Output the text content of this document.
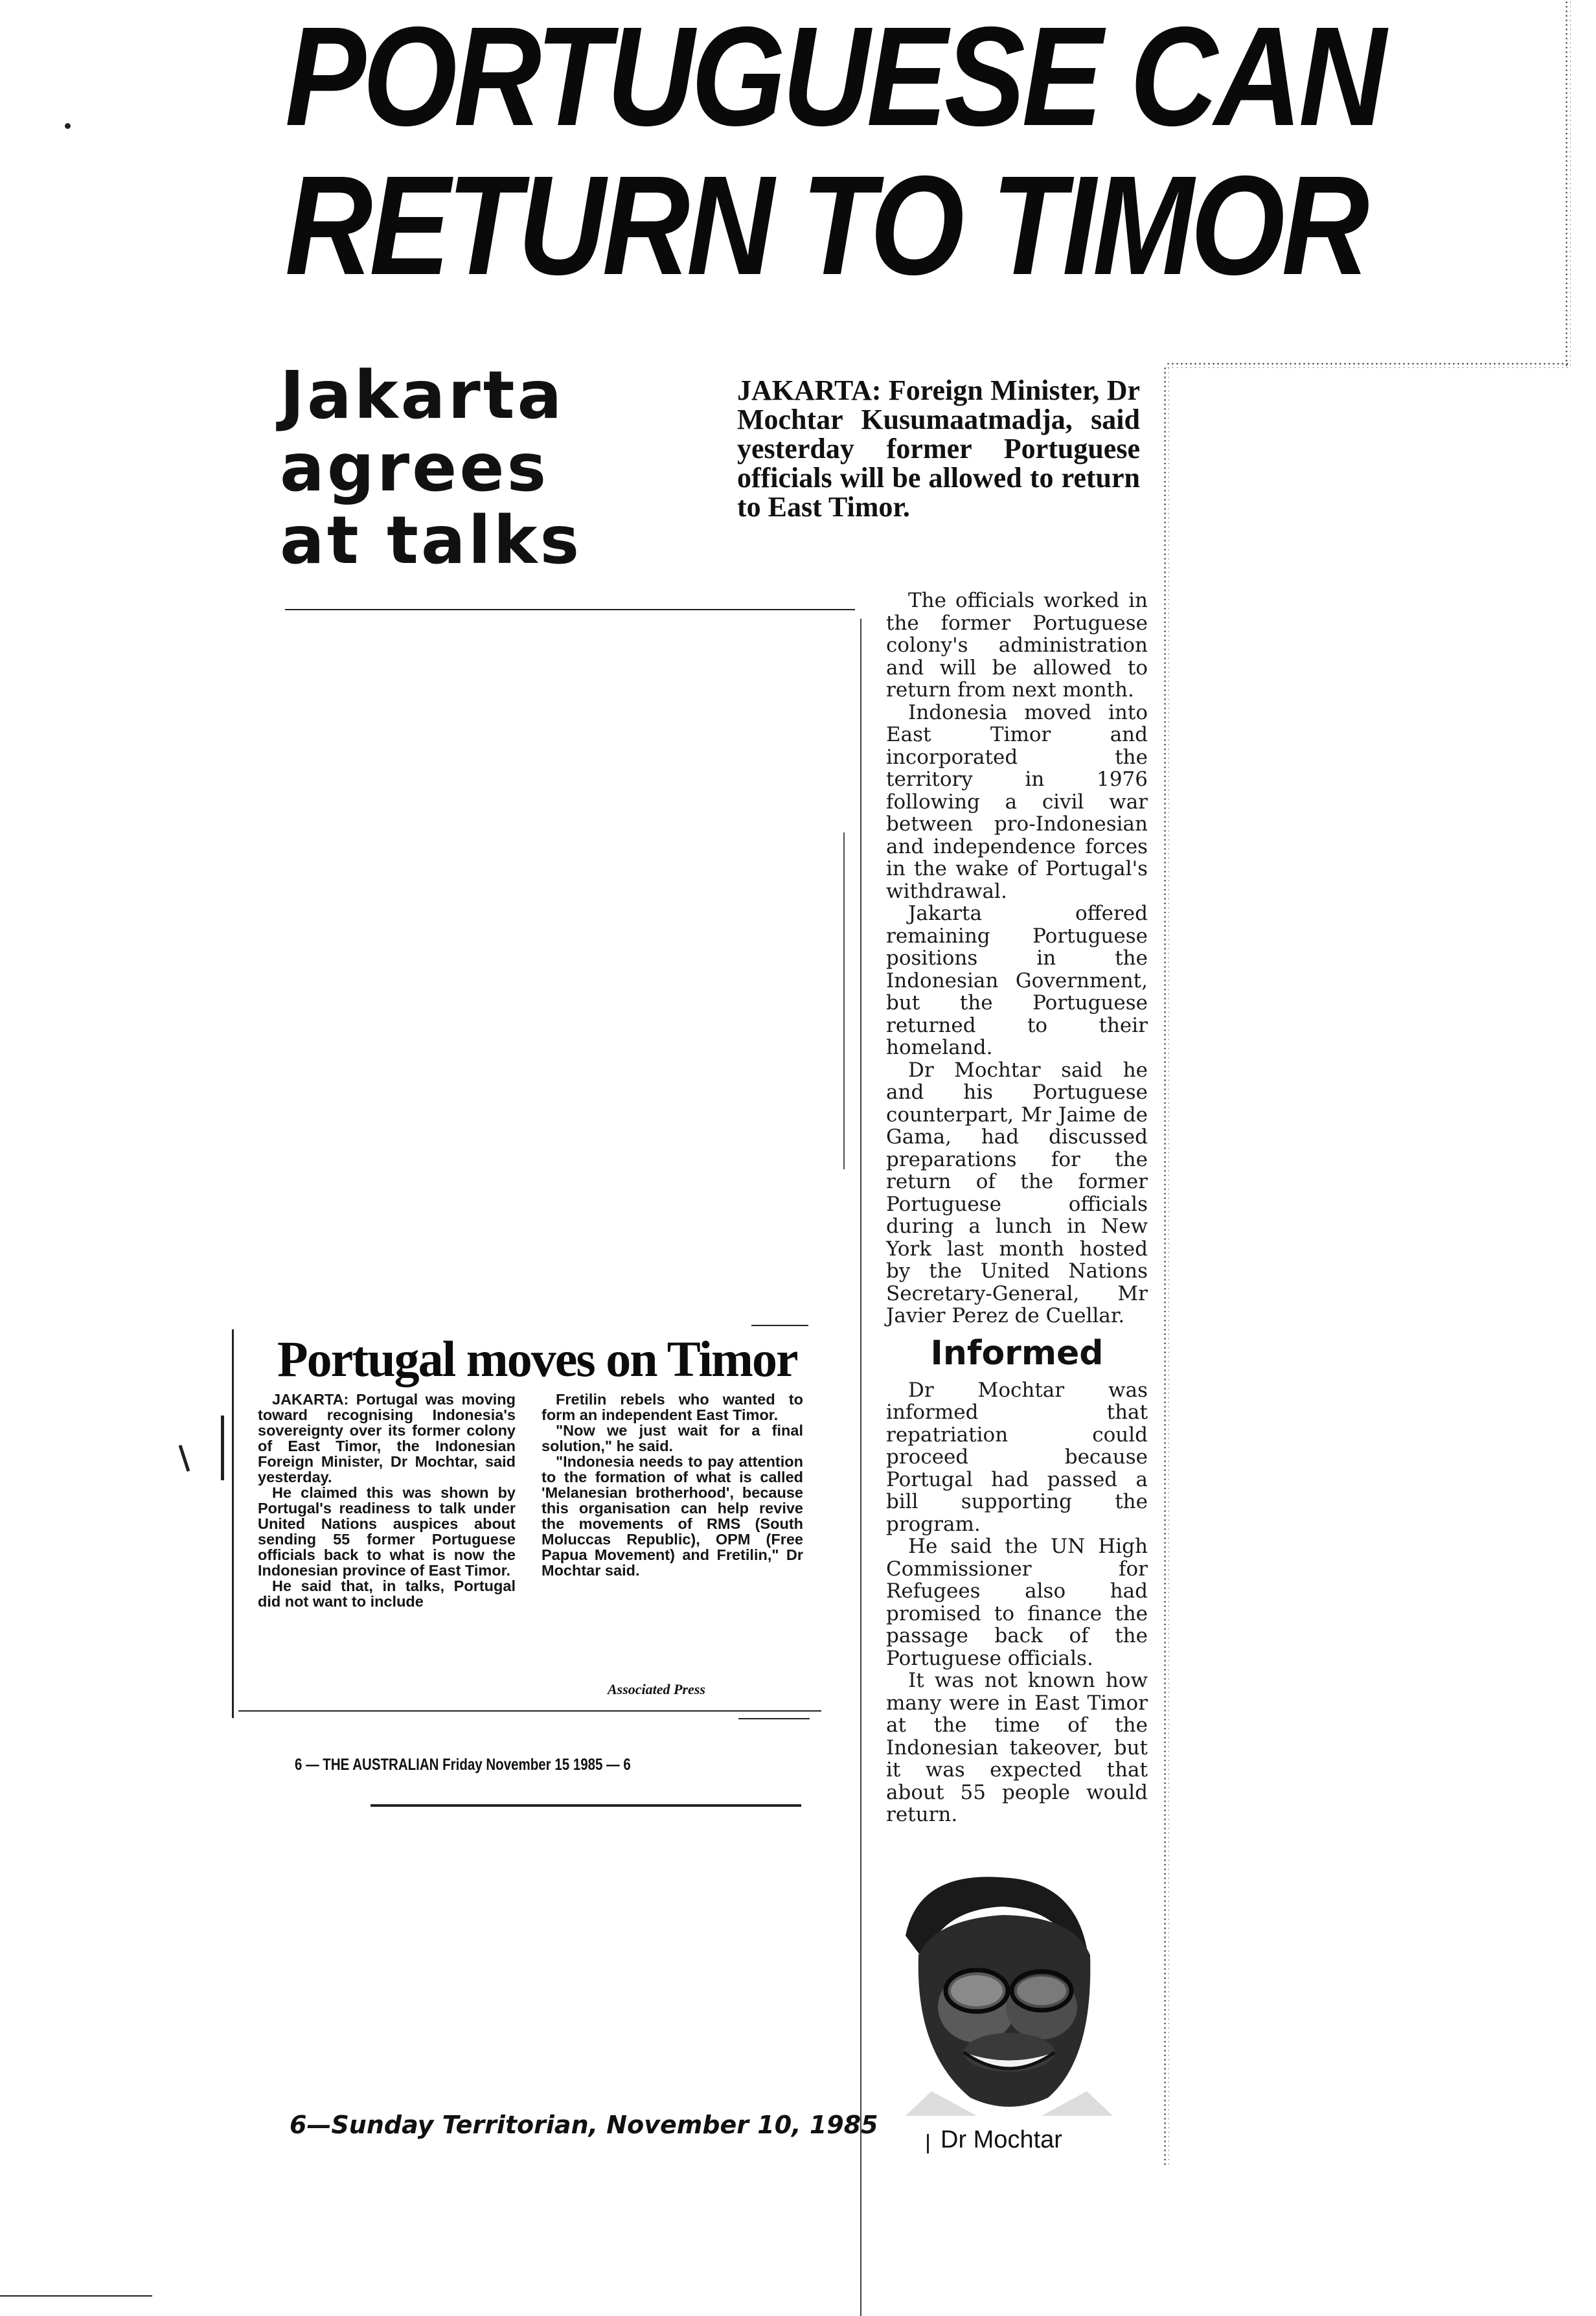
PORTUGUESE CAN
RETURN TO TIMOR
Jakarta
agrees
at talks
JAKARTA: Foreign Minister, Dr Mochtar Kusumaatmadja, said yesterday former Portuguese officials will be allowed to return to East Timor.

The officials worked in the former Portuguese colony's administration and will be allowed to return from next month.

Indonesia moved into East Timor and incorporated the territory in 1976 following a civil war between pro-Indonesian and independence forces in the wake of Portugal's withdrawal.

Jakarta offered remaining Portuguese positions in the Indonesian Government, but the Portuguese returned to their homeland.

Dr Mochtar said he and his Portuguese counterpart, Mr Jaime de Gama, had discussed preparations for the return of the former Portuguese officials during a lunch in New York last month hosted by the United Nations Secretary-General, Mr Javier Perez de Cuellar.

Informed

Dr Mochtar was informed that repatriation could proceed because Portugal had passed a bill supporting the program.

He said the UN High Commissioner for Refugees also had promised to finance the passage back of the Portuguese officials.

It was not known how many were in East Timor at the time of the Indonesian takeover, but it was expected that about 55 people would return.

Portugal moves on Timor

JAKARTA: Portugal was moving toward recognising Indonesia's sovereignty over its former colony of East Timor, the Indonesian Foreign Minister, Dr Mochtar, said yesterday.

He claimed this was shown by Portugal's readiness to talk under United Nations auspices about sending 55 former Portuguese officials back to what is now the Indonesian province of East Timor.

He said that, in talks, Portugal did not want to include

Fretilin rebels who wanted to form an independent East Timor.

"Now we just wait for a final solution," he said.

"Indonesia needs to pay attention to the formation of what is called 'Melanesian brotherhood', because this organisation can help revive the movements of RMS (South Moluccas Republic), OPM (Free Papua Movement) and Fretilin," Dr Mochtar said.

Associated Press
6 — THE AUSTRALIAN Friday November 15 1985 — 6
Dr Mochtar
6—Sunday Territorian, November 10, 1985
